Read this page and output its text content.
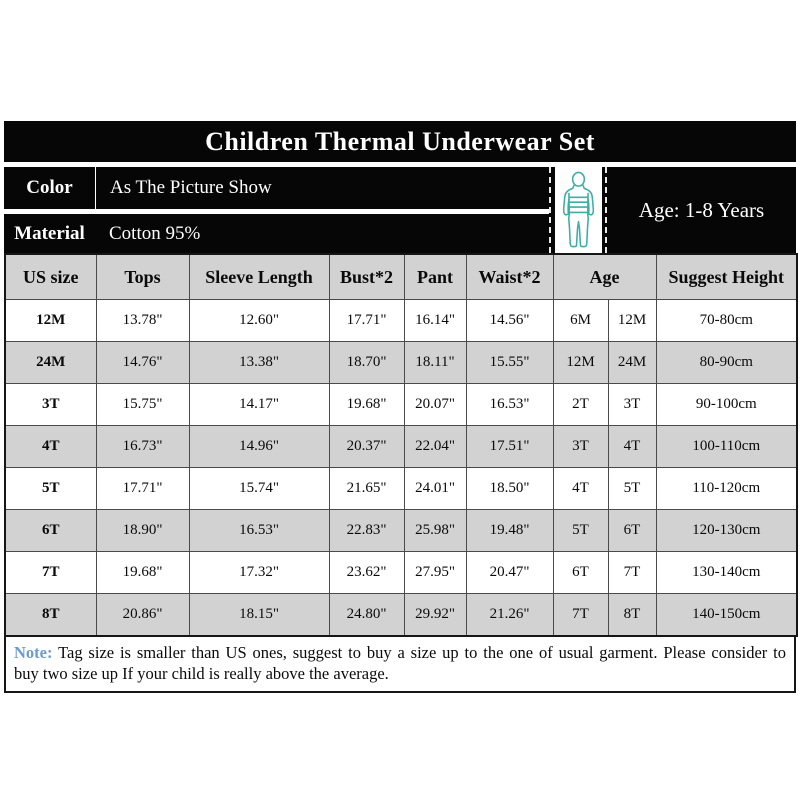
Children Thermal Underwear Set
Color	As The Picture Show
Material	Cotton 95%
Age: 1-8 Years
US size	Tops	Sleeve Length	Bust*2	Pant	Waist*2	Age		Suggest Height
12M	13.78"	12.60"	17.71"	16.14"	14.56"	6M	12M	70-80cm
24M	14.76"	13.38"	18.70"	18.11"	15.55"	12M	24M	80-90cm
3T	15.75"	14.17"	19.68"	20.07"	16.53"	2T	3T	90-100cm
4T	16.73"	14.96"	20.37"	22.04"	17.51"	3T	4T	100-110cm
5T	17.71"	15.74"	21.65"	24.01"	18.50"	4T	5T	110-120cm
6T	18.90"	16.53"	22.83"	25.98"	19.48"	5T	6T	120-130cm
7T	19.68"	17.32"	23.62"	27.95"	20.47"	6T	7T	130-140cm
8T	20.86"	18.15"	24.80"	29.92"	21.26"	7T	8T	140-150cm
Note: Tag size is smaller than US ones, suggest to buy a size up to the one of usual garment. Please consider to
buy two size up If your child is really above the average.
